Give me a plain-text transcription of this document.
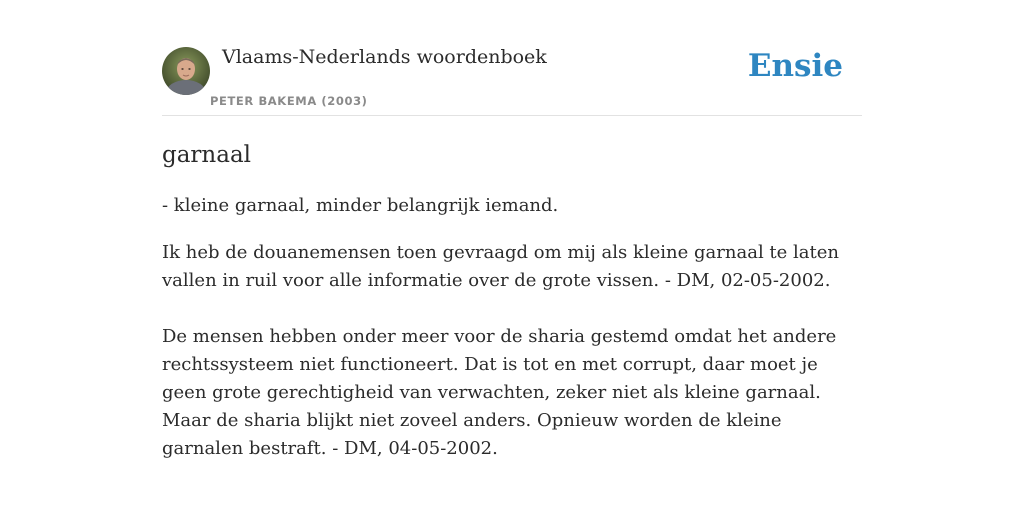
Vlaams-Nederlands woordenboek
PETER BAKEMA (2003)
Ensie
garnaal
- kleine garnaal, minder belangrijk iemand.
Ik heb de douanemensen toen gevraagd om mij als kleine garnaal te laten vallen in ruil voor alle informatie over de grote vissen. - DM, 02-05-2002.
De mensen hebben onder meer voor de sharia gestemd omdat het andere rechtssysteem niet functioneert. Dat is tot en met corrupt, daar moet je geen grote gerechtigheid van verwachten, zeker niet als kleine garnaal. Maar de sharia blijkt niet zoveel anders. Opnieuw worden de kleine garnalen bestraft. - DM, 04-05-2002.
